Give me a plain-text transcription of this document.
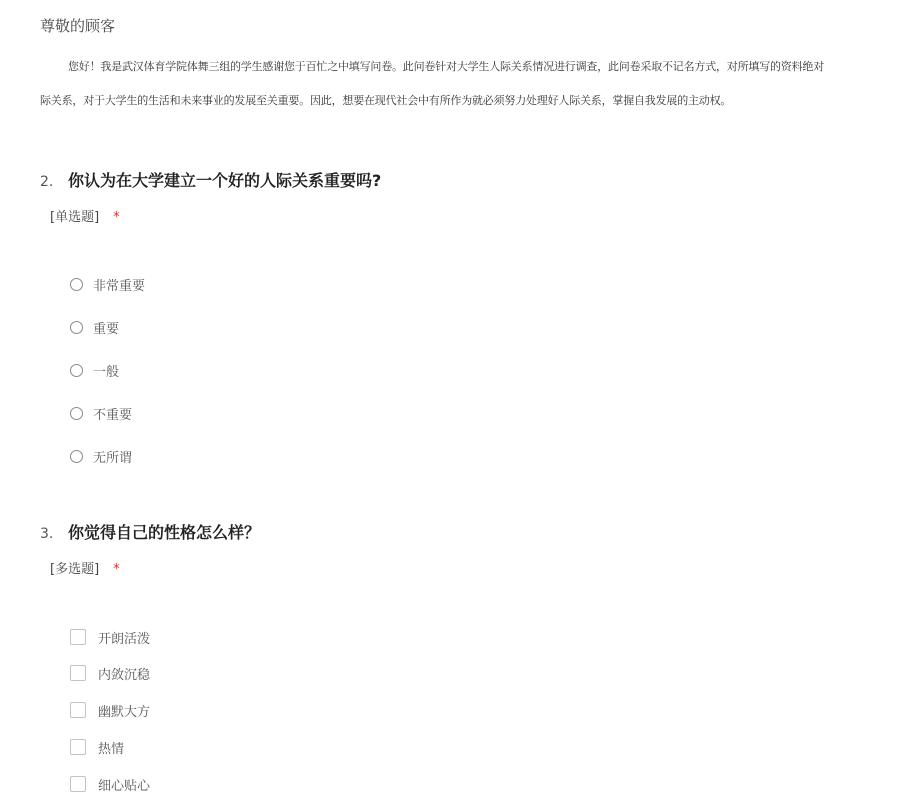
尊敬的顾客
您好！我是武汉体育学院体舞三组的学生感谢您于百忙之中填写问卷。此问卷针对大学生人际关系情况进行调查，此问卷采取不记名方式，对所填写的资料绝对
际关系，对于大学生的生活和未来事业的发展至关重要。因此，想要在现代社会中有所作为就必须努力处理好人际关系，掌握自我发展的主动权。
2. 你认为在大学建立一个好的人际关系重要吗?
[单选题] *
非常重要
重要
一般
不重要
无所谓
3. 你觉得自己的性格怎么样？
[多选题] *
开朗活泼
内敛沉稳
幽默大方
热情
细心贴心
